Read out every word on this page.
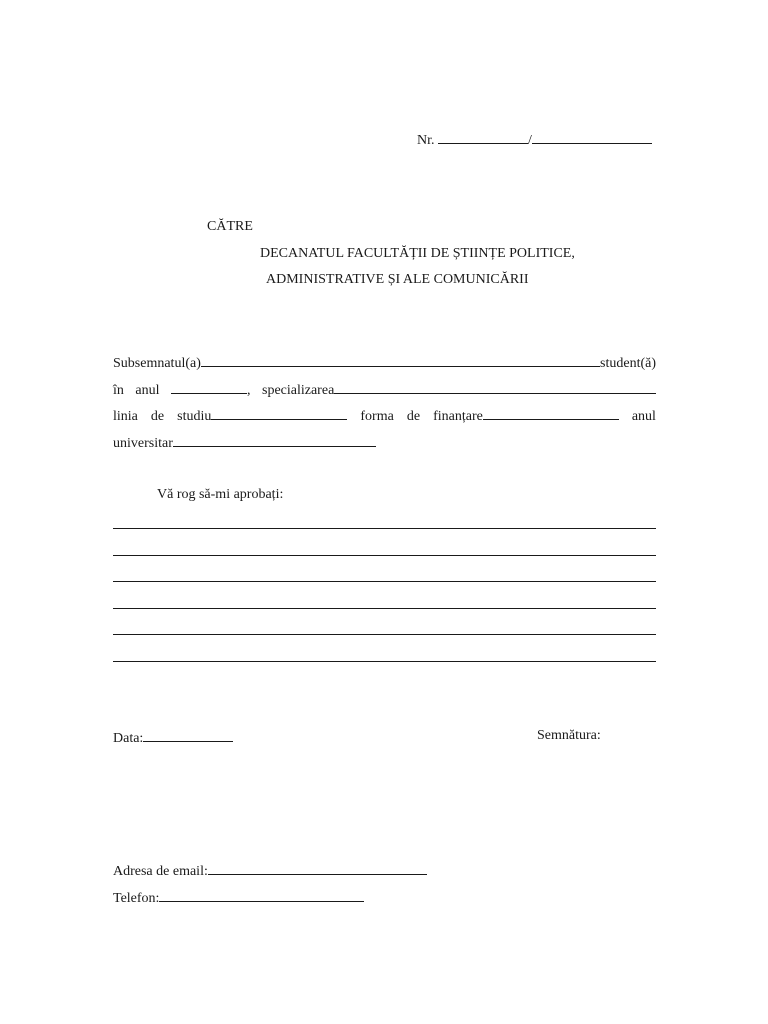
Nr.	/
CĂTRE
DECANATUL FACULTĂȚII DE ȘTIINȚE POLITICE,
ADMINISTRATIVE ȘI ALE COMUNICĂRII
Subsemnatul(a)	student(ă)
în anul	, specializarea
linia de studiu	forma de finanțare	anul
universitar
Vă rog să-mi aprobați:
Data:	Semnătura:
Adresa de email:
Telefon:
